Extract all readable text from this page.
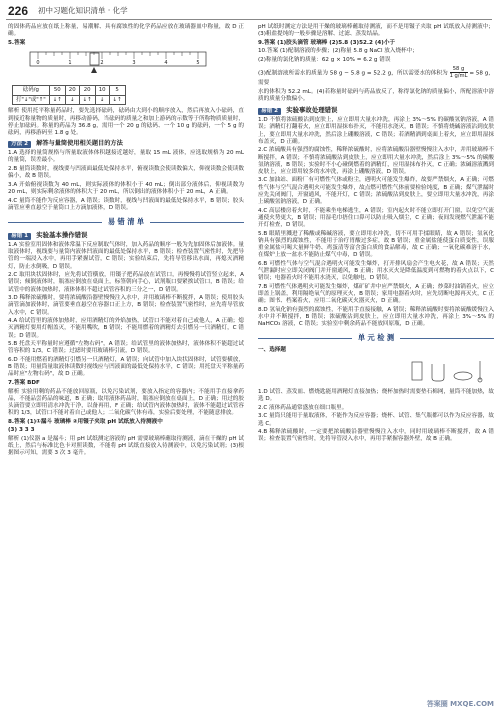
226 初中习题化知识清单 · 化学

的固体药品应放在纸上称量，易潮解、具有腐蚀性的化学药品应放在玻璃器皿中称量，故 D 正确。

5.答案

0	1	2	3	4	5
砝码/g	50	20	20	10	5
打"↓"或"↑"	↓↑	↓	↓↑	↓	↓↑

解析 使用托平称量药品时，要先选择砝码，砝码由大到小的顺序放入，然后再放入小砝码，直到接近称量物的质量时，再移动游码，当砝码的质量之和加上游码的示数等于所称物质质量时，停止加砝码。称量的药品为 36.8 g，需用一个 20 g 的砝码、一个 10 g 的砝码，一个 5 g 的砝码，再移游码至 1.8 g 处。

方法 2 解答与量筒使用相关题目的方法

1.A 选择的量筒规格与所量取液体体积越接近越好，量取 15 mL 液体，应选取规格为 20 mL 的量筒，误差最小。

2.B 量筒读数时，视线要与凹液面最低处保持水平，俯视读数会使读数偏大，仰视读数会使读数偏小，故 B 错误。

3.A 开始俯视读数为 40 mL，则实际液体的体积小于 40 mL；倒出部分液体后，仰视读数为 20 mL，则实际剩余液体的体积大于 20 mL，所以倒出的液体体积小于 20 mL，A 正确。

4.C 量筒不能作为反应容器，A 错误；读数时，视线与凹液面的最低处保持水平，B 错误；胶头滴管应垂直悬空于量筒口上方滴加液体，D 错误。

易 错 清 单
易错 1 实验基本操作错误

1.A 实验室用固体和液体常温下反应制取气体时，加入药品的顺序一般为先加固体后加液体。量取液体时，视线要与量筒内液体凹液面的最低处保持水平，B 错误；检查装置气密性时，先把导管的一端浸入水中，再用手紧握试管，C 错误；实验结束后，先将导管移出水面，再熄灭酒精灯，防止水倒吸，D 错误。

2.C 取用块状固体时，应先将试管横放，用镊子把药品放在试管口，再慢慢将试管竖立起来，A 错误；倾倒液体时，瓶塞应倒放在桌面上，标签朝向手心，试剂瓶口要紧挨试管口，B 错误；给试管中的液体加热时，液体体积不超过试管容积的三分之一，D 错误。

3.D 稀释浓硫酸时，要将浓硫酸沿器壁慢慢注入水中，并用玻璃棒不断搅拌，A 错误；使用胶头滴管滴加液体时，滴管要垂直悬空在容器口正上方，B 错误；检查装置气密性时，应先将导管放入水中，C 错误。

4.A 给试管里的液体加热时，应用酒精灯的外焰加热，试管口不能对着自己或他人，A 正确；熄灭酒精灯要用灯帽盖灭，不能用嘴吹，B 错误；不能用燃着的酒精灯去引燃另一只酒精灯，C 错误；D 错误。

5.B 托盘天平称量时应遵循"左物右码"，A 错误；给试管里的液体加热时，液体体积不能超过试管容积的 1/3，C 错误；过滤时要用玻璃棒引流，D 错误。

6.D 不能用燃着的酒精灯引燃另一只酒精灯，A 错误；向试管中加入块状固体时，试管要横放，B 错误；用量筒量取液体读数时视线应与凹液面的最低处保持水平，C 错误；用托盘天平称量药品时应"左物右码"，故 D 正确。

7.答案 BDF

解析 实验用剩的药品不能放回原瓶，以免污染试剂，要放入指定的容器内；不能用手直接拿药品，不能品尝药品的味道，B 正确；取用液体药品时，瓶塞应倒放在桌面上，D 正确；用过的胶头滴管要立即用清水冲洗干净，以备再用，F 正确；给试管内液体加热时，液体不能超过试管容积的 1/3，试管口不能对着自己或他人；二氧化碳气体有毒，实验后要处理，不能随意排放。

8.答案 (1)①漏斗 玻璃棒 ②用镊子夹取 pH 试纸放入待测液中

(3) 3 3 3

解析 (1)仪器 a 是漏斗；用 pH 试纸测定溶液的 pH 需要玻璃棒蘸取待测液，滴在干燥的 pH 试纸上，然后与标准比色卡对照读数，不能将 pH 试纸直接放入待测液中，以免污染试剂；(3)根据图示可知，需要 3 次 3 毫升。

pH 试纸时测定方法是用干燥的玻璃棒蘸取待测液，而不是用镊子夹取 pH 试纸放入待测液中；(3)粗盐提纯的一般步骤是溶解、过滤、蒸发结晶。

9.答案 (1)胶头滴管 玻璃棒 (2)5.8 (3)52.2 (4)小于

10.答案 (1)配制溶液的步骤；(2)称量 5.8 g NaCl 放入烧杯中；

(2)称量的氯化钠的质量：62 g × 10% = 6.2 g 错误

(3)配制溶液所需水的质量为 58 g − 5.8 g = 52.2 g，所以需要水的体积为 $\frac{58 g}{1 g/mL} = 58$ g，需要

水的体积为 52.2 mL。(4)若称量时砝码与药品放反了，称得氯化钠的质量偏小，所配溶液中溶质的质量分数偏小。

易错 2 实验事故处理错误

1.D 不慎将浓硫酸沾到皮肤上，应立即用大量水冲洗，再涂上 3%～5% 的碳酸氢钠溶液，A 错误；酒精灯打翻着火，应立即用湿抹布扑灭，不能用水浇灭，B 错误；不慎将烧碱溶液沾到皮肤上，要立即用大量水冲洗，然后涂上硼酸溶液，C 错误；若酒精洒到桌面上着火，应立即用湿抹布盖灭，D 正确。

2.C 浓硫酸具有强烈的腐蚀性，稀释浓硫酸时，应将浓硫酸沿器壁慢慢注入水中，并用玻璃棒不断搅拌，A 错误；不慎将浓硫酸沾到皮肤上，应立即用大量水冲洗，然后涂上 3%～5% 的碳酸氢钠溶液，B 错误；实验时不小心碰倒燃着的酒精灯，应用湿抹布扑灭，C 正确；浓碱溶液溅到皮肤上，应立即用较多的水冲洗，再涂上硼酸溶液，D 错误。

3.C 加油站、面粉厂有可燃性气体或粉尘，遇明火可能发生爆炸，故要严禁烟火，A 正确；可燃性气体与空气混合遇明火可能发生爆炸，故点燃可燃性气体前要检验纯度，B 正确；煤气泄漏时应先关闭阀门，开窗通风，不能开灯，C 错误；浓硫酸沾到皮肤上，要立即用大量水冲洗，再涂上碳酸氢钠溶液，D 正确。

4.C 高层楼房着火时，不能乘坐电梯逃生，A 错误；室内起火时不能立即打开门窗，以免空气流通使火势更大，B 错误；用湿毛巾捂住口鼻可以防止吸入烟尘，C 正确；夜间发现燃气泄漏不能开灯检查，D 错误。

5.B 眼睛里溅进了稀酸或稀碱溶液，要立即用水冲洗，切不可用手揉眼睛，故 A 错误；氢氧化钠具有强烈的腐蚀性，不能用于治疗胃酸过多症，故 B 错误；重金属盐能使蛋白质变性，误服重金属盐可喝大量鲜牛奶、鸡蛋清等富含蛋白质的食品解毒，故 C 正确；一氧化碳难溶于水，在煤炉上放一盆水不能防止煤气中毒，D 错误。

6.B 可燃性气体与空气混合遇明火可能发生爆炸，打开排风扇会产生电火花，故 A 错误；天然气泄漏时应立即关闭阀门并开窗通风，B 正确；用水灭火是降低温度到可燃物的着火点以下，C 错误；电器着火时不能用水浇灭，以免触电，D 错误。

7.B 可燃性气体遇明火可能发生爆炸，煤矿矿井中应严禁烟火，A 正确；炒菜时油锅着火，应立即盖上锅盖，利用隔绝氧气的原理灭火，B 错误；家用电器着火时，应先切断电源再灭火，C 正确；图书、档案着火，应用二氧化碳灭火器灭火，D 正确。

8.D 氢氧化钠有强烈的腐蚀性，不能用手直接接触，A 错误；稀释浓硫酸时要将浓硫酸缓慢注入水中并不断搅拌，B 错误；浓硫酸沾到皮肤上，应立即用大量水冲洗，再涂上 3%～5% 的 NaHCO₃ 溶液，C 错误；实验室中剩余药品不能放回原瓶，D 正确。

单 元 检 测

一、选择题

1.D 试管、蒸发皿、燃烧匙能用酒精灯直接加热；烧杯加热时需要垫石棉网，量筒不能加热，故选 D。

2.C 液体药品通常盛放在细口瓶里。

3.C 量筒只能用于量取液体，不能作为反应容器；烧杯、试管、集气瓶都可以作为反应容器，故选 C。

4.B 稀释浓硫酸时，一定要把浓硫酸沿器壁慢慢注入水中，同时用玻璃棒不断搅拌，故 A 错误；检查装置气密性时，先将导管浸入水中，再用手紧握容器外壁，故 B 正确。

答案圈 MXQE.COM
